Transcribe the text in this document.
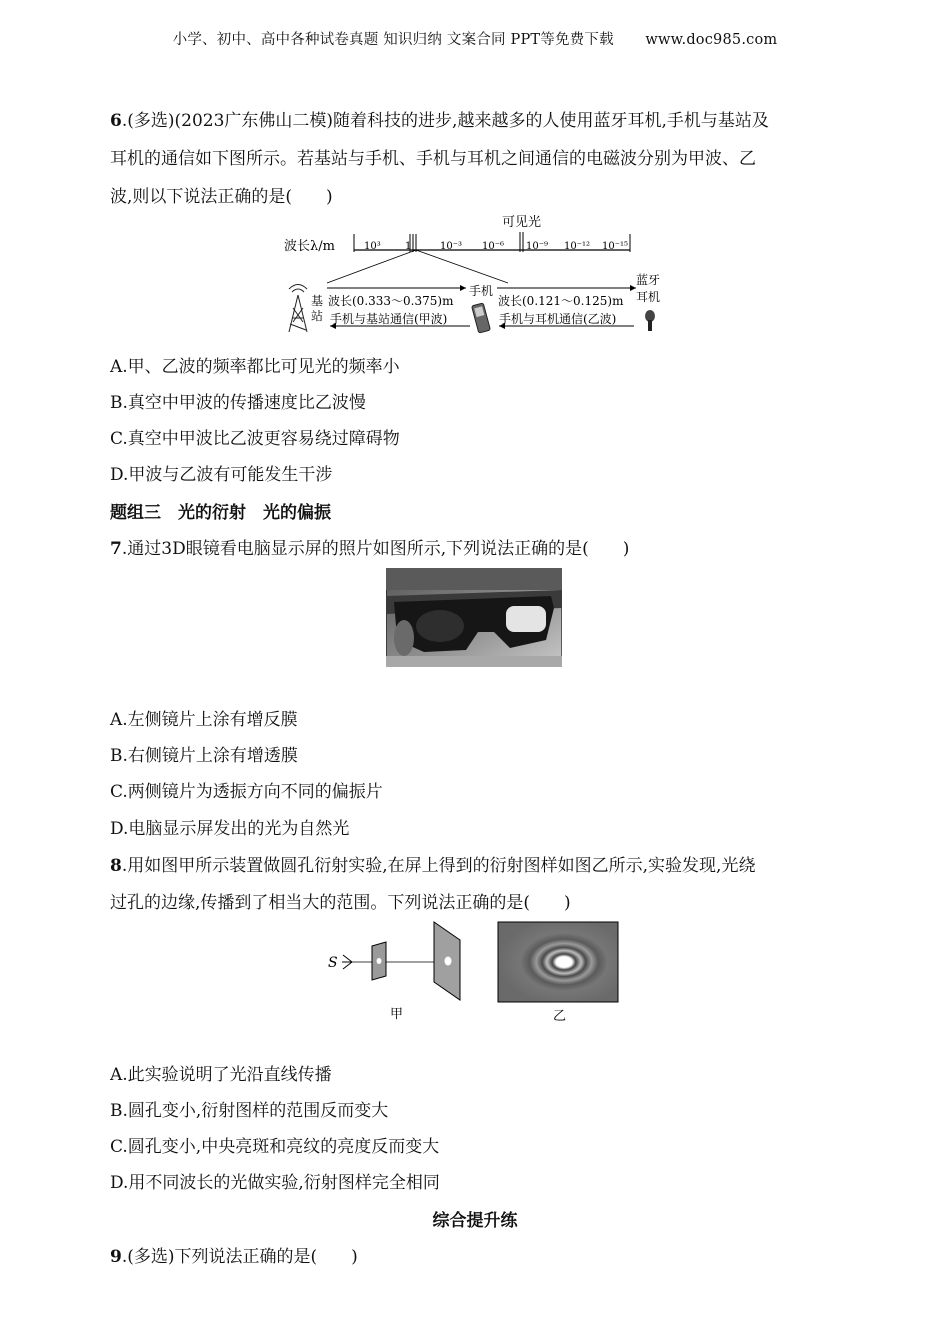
小学、初中、高中各种试卷真题 知识归纳 文案合同 PPT等免费下载 www.doc985.com
6.(多选)(2023广东佛山二模)随着科技的进步,越来越多的人使用蓝牙耳机,手机与基站及
耳机的通信如下图所示。若基站与手机、手机与耳机之间通信的电磁波分别为甲波、乙
波,则以下说法正确的是(　　)
可见光
波长λ/m	10³ 1	10⁻³ 10⁻⁶ 10⁻⁹ 10⁻¹² 10⁻¹⁵
基
站
波长(0.333～0.375)m
手机与基站通信(甲波)
手机
波长(0.121～0.125)m
手机与耳机通信(乙波)
蓝牙
耳机
A.甲、乙波的频率都比可见光的频率小
B.真空中甲波的传播速度比乙波慢
C.真空中甲波比乙波更容易绕过障碍物
D.甲波与乙波有可能发生干涉
题组三　光的衍射　光的偏振
7.通过3D眼镜看电脑显示屏的照片如图所示,下列说法正确的是(　　)
A.左侧镜片上涂有增反膜
B.右侧镜片上涂有增透膜
C.两侧镜片为透振方向不同的偏振片
D.电脑显示屏发出的光为自然光
8.用如图甲所示装置做圆孔衍射实验,在屏上得到的衍射图样如图乙所示,实验发现,光绕
过孔的边缘,传播到了相当大的范围。下列说法正确的是(　　)
S
甲	乙
A.此实验说明了光沿直线传播
B.圆孔变小,衍射图样的范围反而变大
C.圆孔变小,中央亮斑和亮纹的亮度反而变大
D.用不同波长的光做实验,衍射图样完全相同
综合提升练
9.(多选)下列说法正确的是(　　)
